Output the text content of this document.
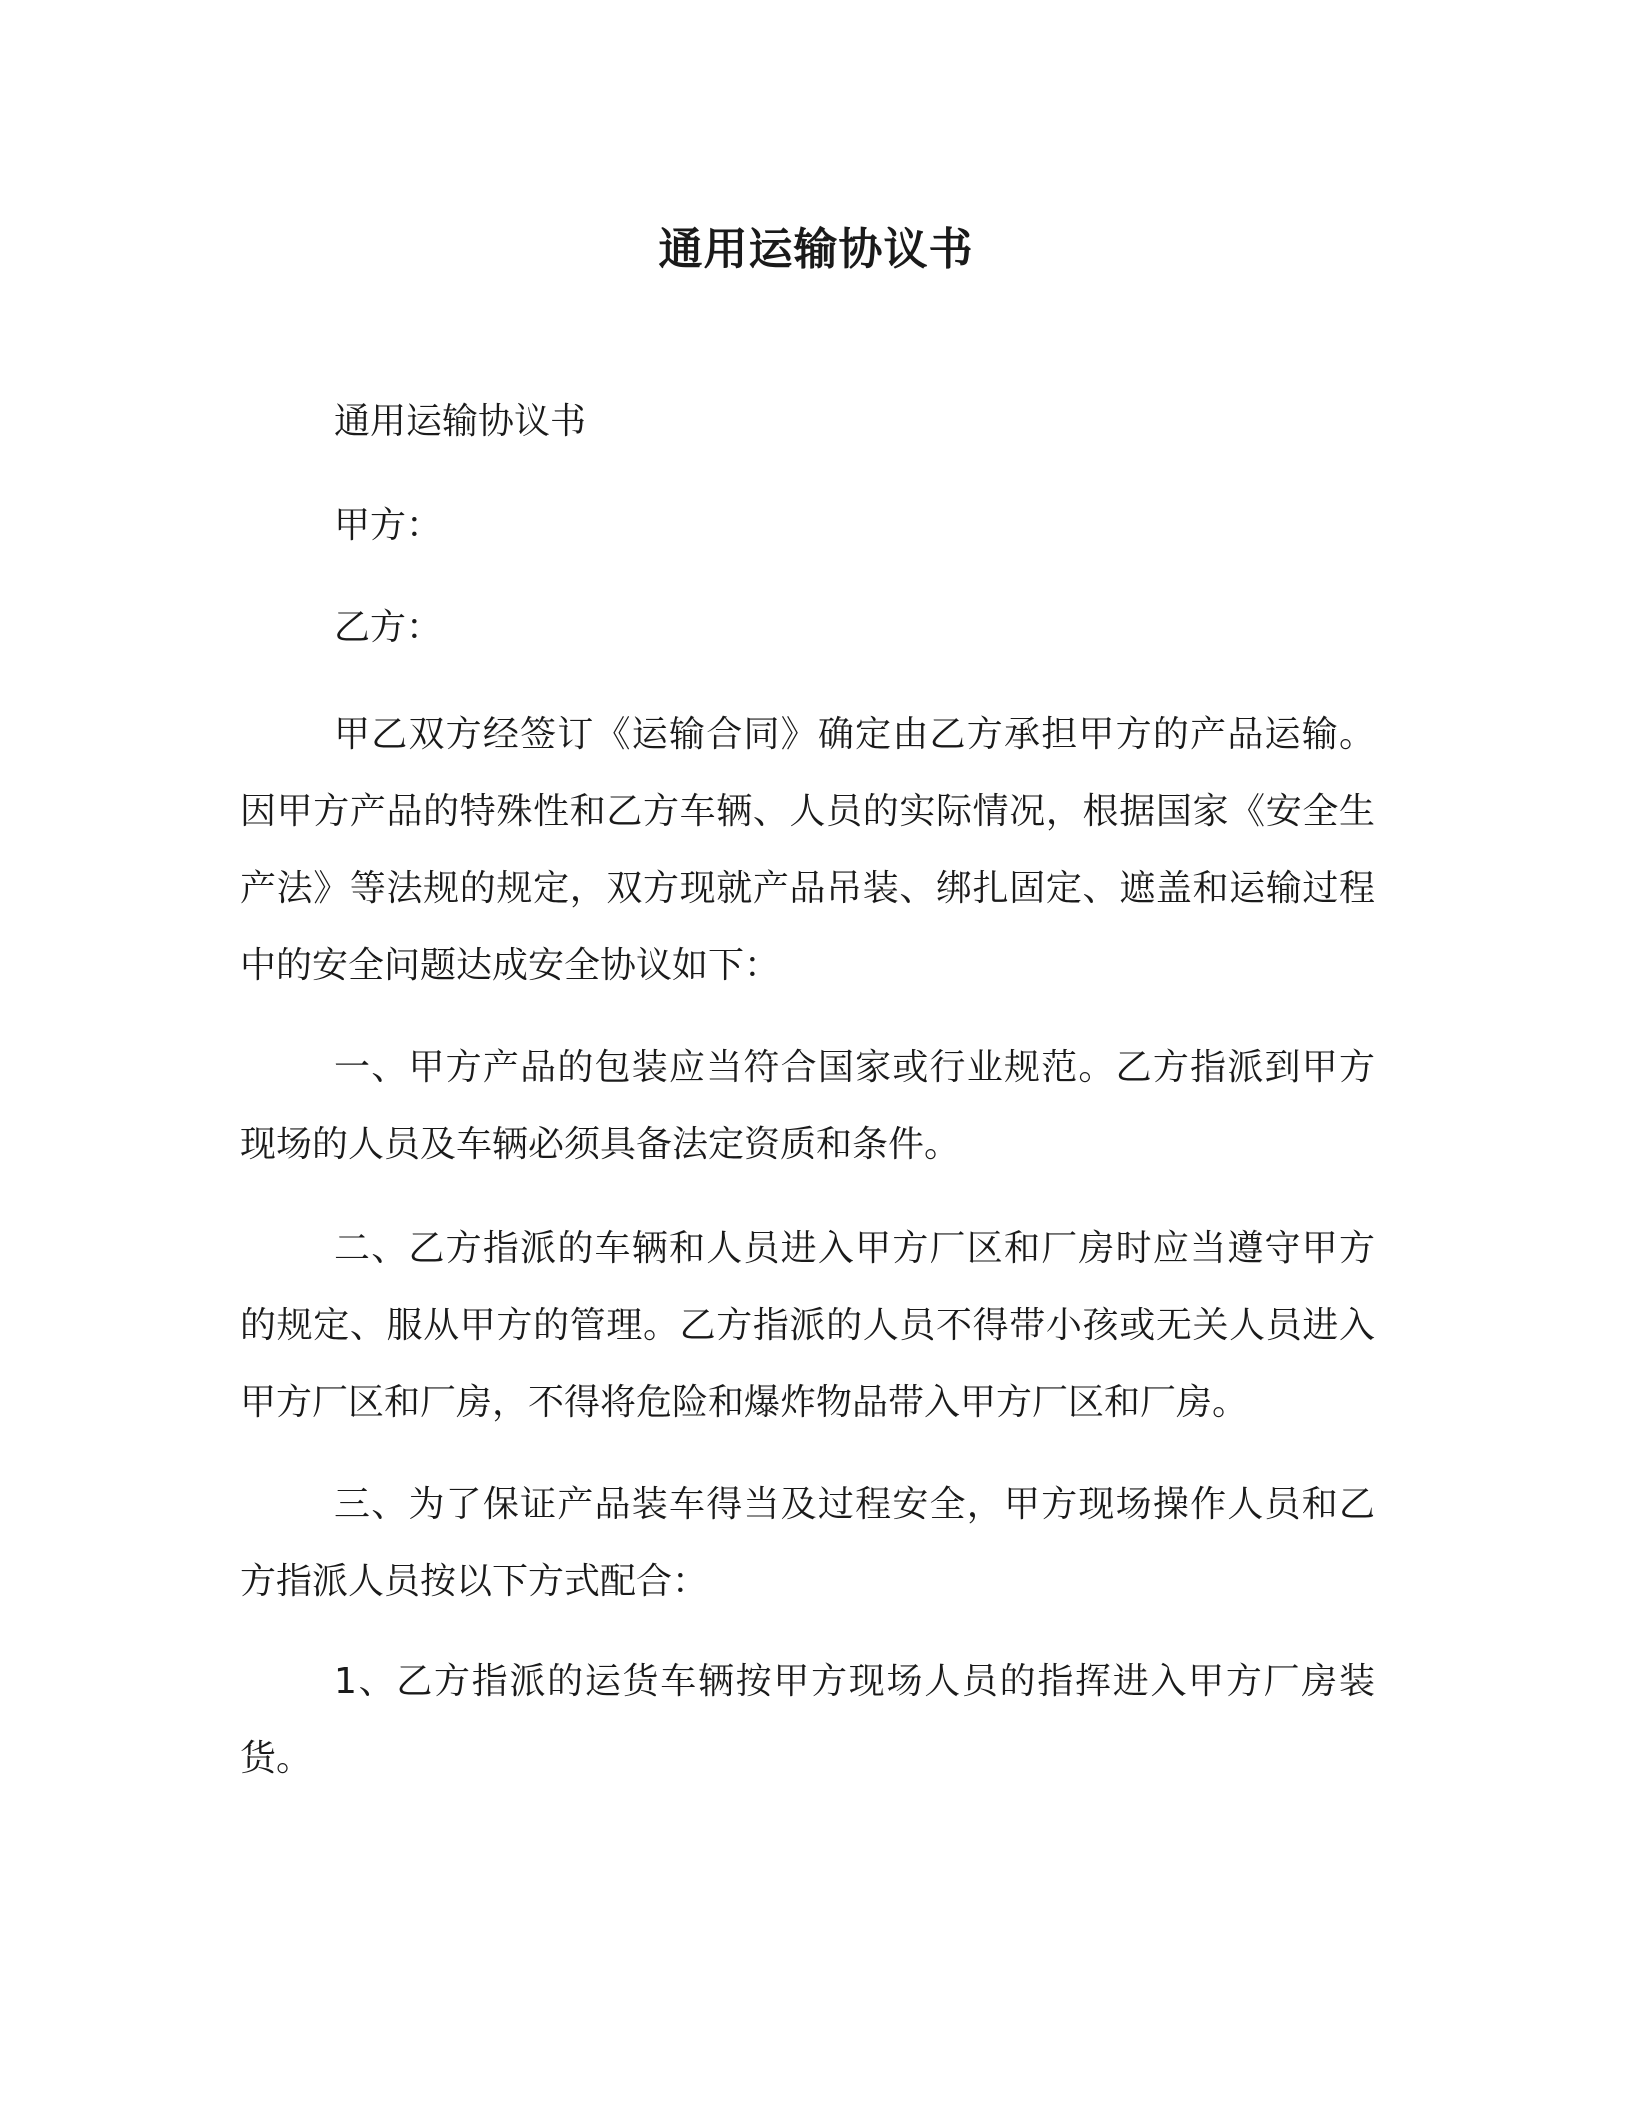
通用运输协议书
通用运输协议书
甲方：
乙方：

甲乙双方经签订《运输合同》确定由乙方承担甲方的产品运输。因甲方产品的特殊性和乙方车辆、人员的实际情况，根据国家《安全生产法》等法规的规定，双方现就产品吊装、绑扎固定、遮盖和运输过程中的安全问题达成安全协议如下：

一、甲方产品的包装应当符合国家或行业规范。乙方指派到甲方现场的人员及车辆必须具备法定资质和条件。

二、乙方指派的车辆和人员进入甲方厂区和厂房时应当遵守甲方的规定、服从甲方的管理。乙方指派的人员不得带小孩或无关人员进入甲方厂区和厂房，不得将危险和爆炸物品带入甲方厂区和厂房。

三、为了保证产品装车得当及过程安全，甲方现场操作人员和乙方指派人员按以下方式配合：

1、乙方指派的运货车辆按甲方现场人员的指挥进入甲方厂房装货。
